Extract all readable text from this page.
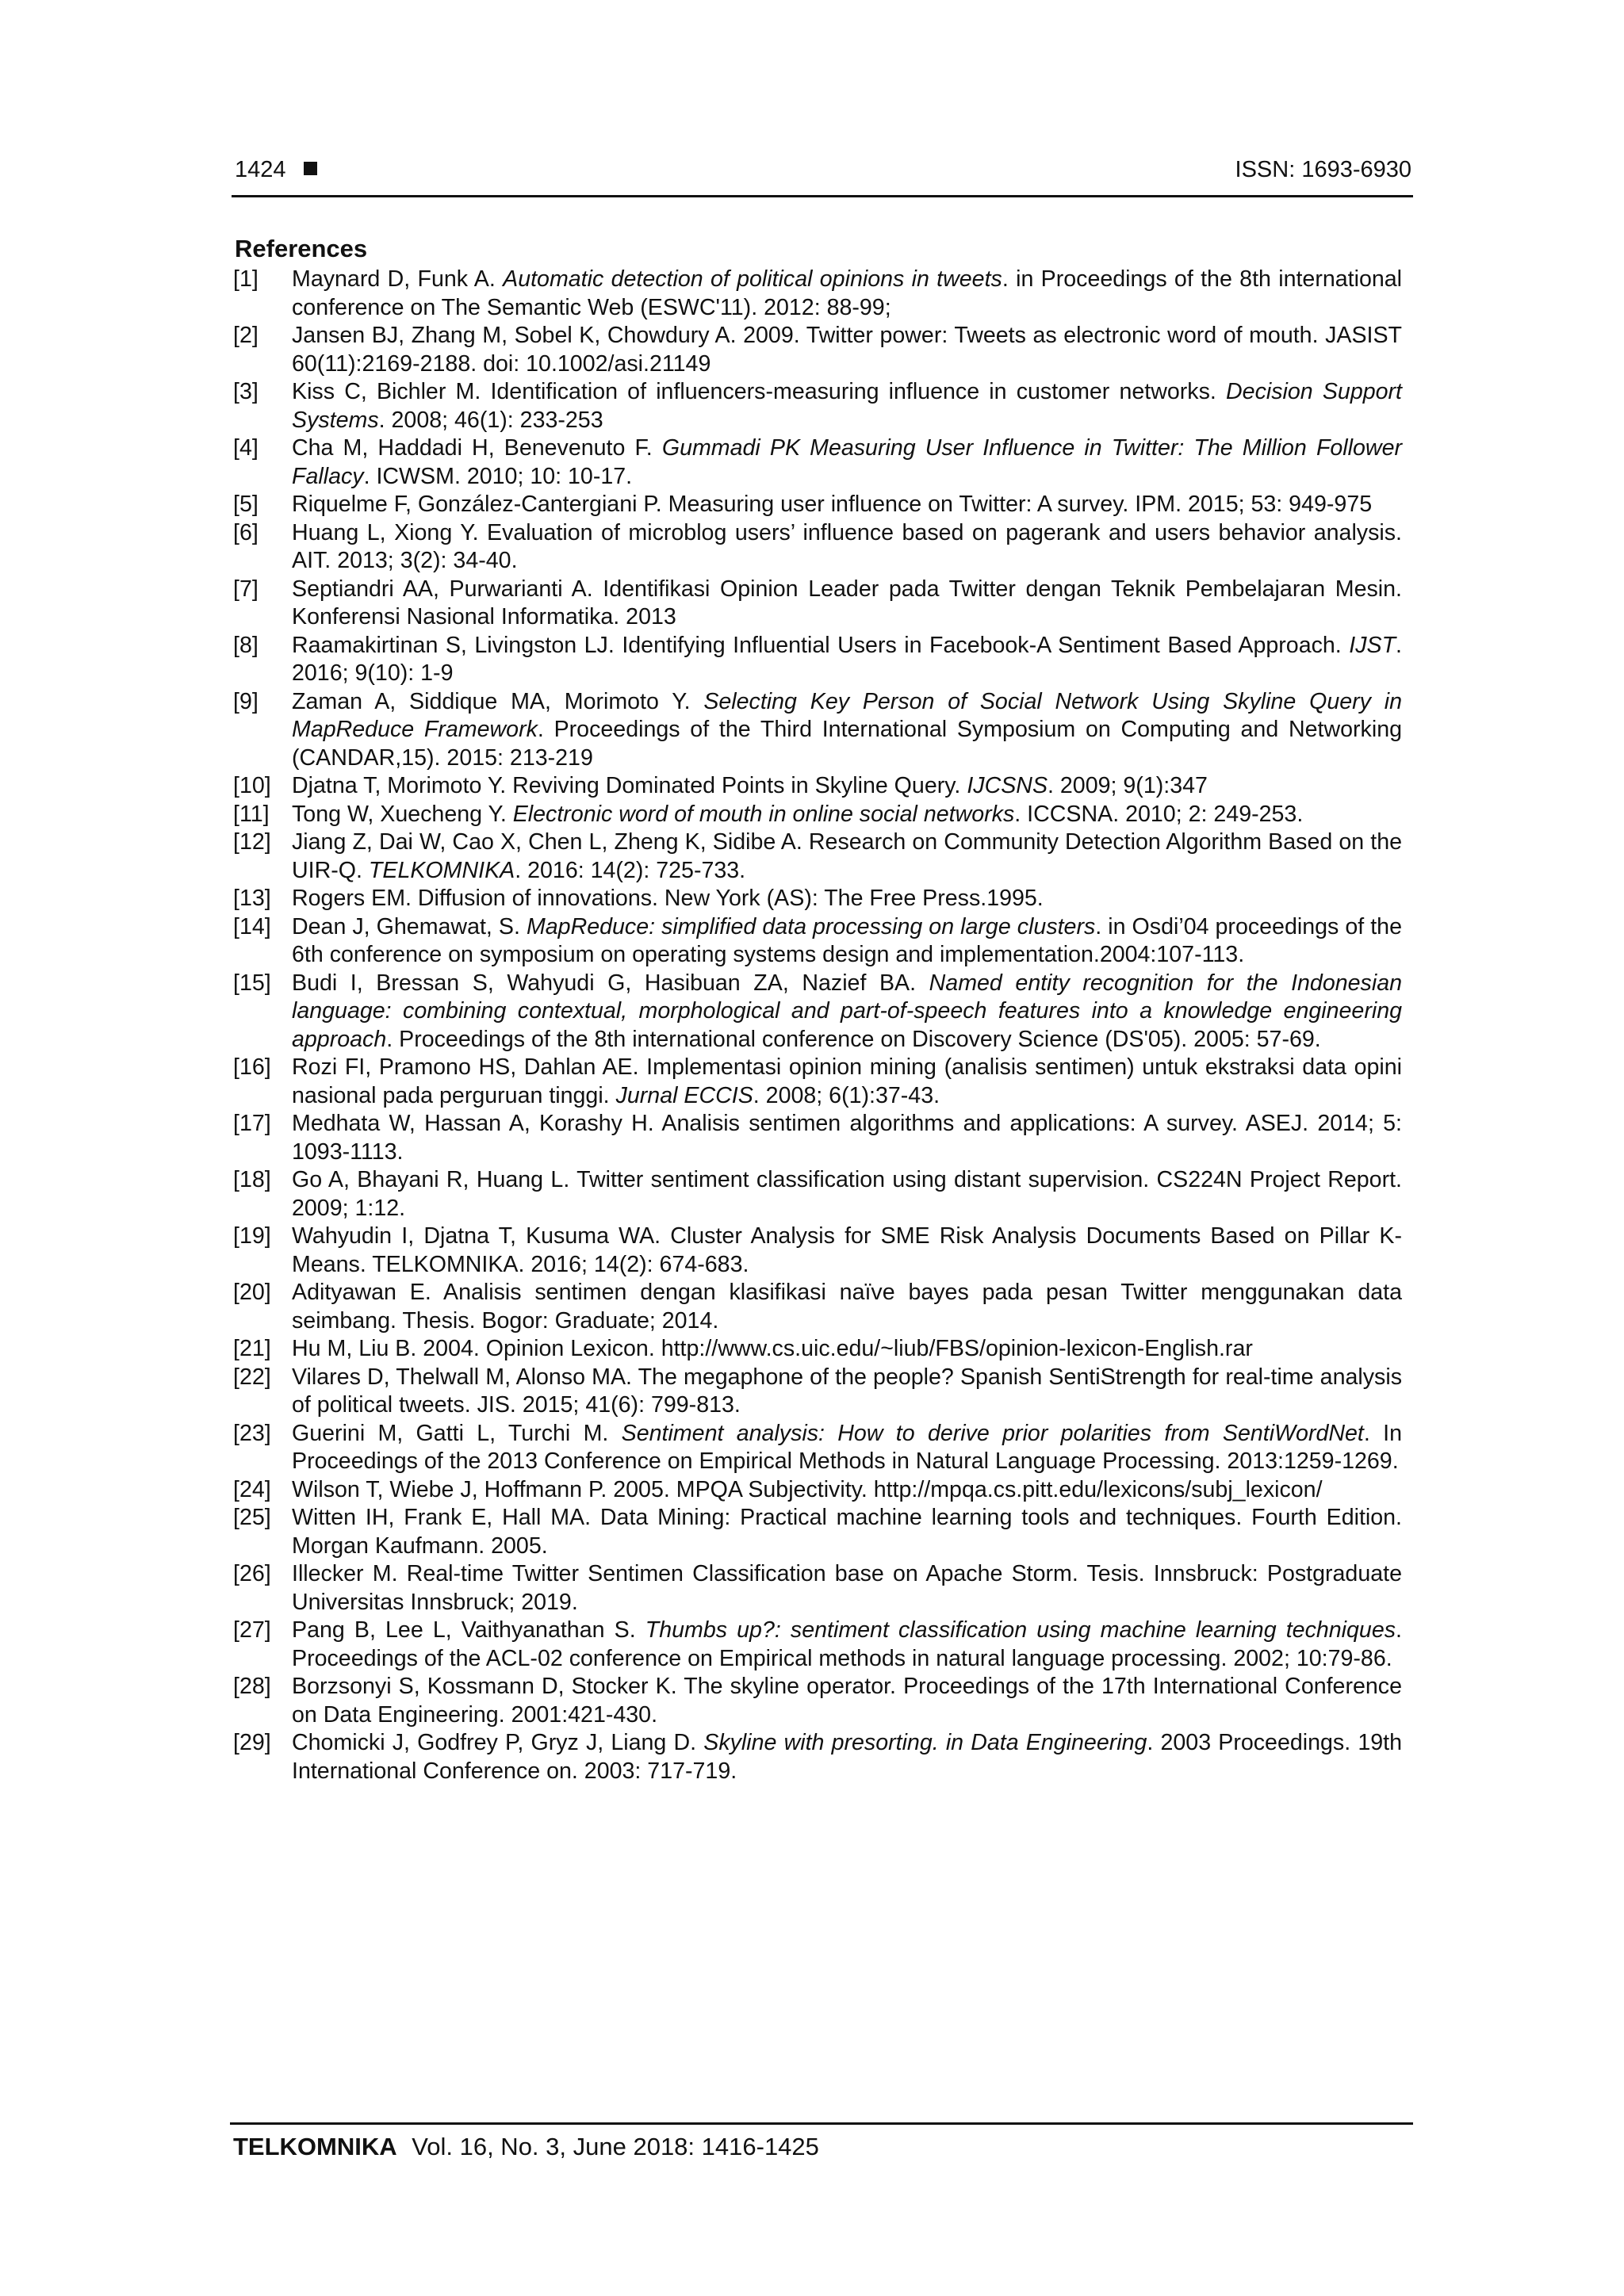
1424	ISSN: 1693-6930
References
[1]	Maynard D, Funk A. Automatic detection of political opinions in tweets. in Proceedings of the 8th international conference on The Semantic Web (ESWC'11). 2012: 88-99;
[2]	Jansen BJ, Zhang M, Sobel K, Chowdury A. 2009. Twitter power: Tweets as electronic word of mouth. JASIST 60(11):2169-2188. doi: 10.1002/asi.21149
[3]	Kiss C, Bichler M. Identification of influencers-measuring influence in customer networks. Decision Support Systems. 2008; 46(1): 233-253
[4]	Cha M, Haddadi H, Benevenuto F. Gummadi PK Measuring User Influence in Twitter: The Million Follower Fallacy. ICWSM. 2010; 10: 10-17.
[5]	Riquelme F, González-Cantergiani P. Measuring user influence on Twitter: A survey. IPM. 2015; 53: 949-975
[6]	Huang L, Xiong Y. Evaluation of microblog users’ influence based on pagerank and users behavior analysis. AIT. 2013; 3(2): 34-40.
[7]	Septiandri AA, Purwarianti A. Identifikasi Opinion Leader pada Twitter dengan Teknik Pembelajaran Mesin. Konferensi Nasional Informatika. 2013
[8]	Raamakirtinan S, Livingston LJ. Identifying Influential Users in Facebook-A Sentiment Based Approach. IJST. 2016; 9(10): 1-9
[9]	Zaman A, Siddique MA, Morimoto Y. Selecting Key Person of Social Network Using Skyline Query in MapReduce Framework. Proceedings of the Third International Symposium on Computing and Networking (CANDAR,15). 2015: 213-219
[10] Djatna T, Morimoto Y. Reviving Dominated Points in Skyline Query. IJCSNS. 2009; 9(1):347
[11] Tong W, Xuecheng Y. Electronic word of mouth in online social networks. ICCSNA. 2010; 2: 249-253.
[12] Jiang Z, Dai W, Cao X, Chen L, Zheng K, Sidibe A. Research on Community Detection Algorithm Based on the UIR-Q. TELKOMNIKA. 2016: 14(2): 725-733.
[13] Rogers EM. Diffusion of innovations. New York (AS): The Free Press.1995.
[14] Dean J, Ghemawat, S. MapReduce: simplified data processing on large clusters. in Osdi’04 proceedings of the 6th conference on symposium on operating systems design and implementation.2004:107-113.
[15] Budi I, Bressan S, Wahyudi G, Hasibuan ZA, Nazief BA. Named entity recognition for the Indonesian language: combining contextual, morphological and part-of-speech features into a knowledge engineering approach. Proceedings of the 8th international conference on Discovery Science (DS'05). 2005: 57-69.
[16] Rozi FI, Pramono HS, Dahlan AE. Implementasi opinion mining (analisis sentimen) untuk ekstraksi data opini nasional pada perguruan tinggi. Jurnal ECCIS. 2008; 6(1):37-43.
[17] Medhata W, Hassan A, Korashy H. Analisis sentimen algorithms and applications: A survey. ASEJ. 2014; 5: 1093-1113.
[18] Go A, Bhayani R, Huang L. Twitter sentiment classification using distant supervision. CS224N Project Report. 2009; 1:12.
[19] Wahyudin I, Djatna T, Kusuma WA. Cluster Analysis for SME Risk Analysis Documents Based on Pillar K-Means. TELKOMNIKA. 2016; 14(2): 674-683.
[20] Adityawan E. Analisis sentimen dengan klasifikasi naïve bayes pada pesan Twitter menggunakan data seimbang. Thesis. Bogor: Graduate; 2014.
[21] Hu M, Liu B. 2004. Opinion Lexicon. http://www.cs.uic.edu/~liub/FBS/opinion-lexicon-English.rar
[22] Vilares D, Thelwall M, Alonso MA. The megaphone of the people? Spanish SentiStrength for real-time analysis of political tweets. JIS. 2015; 41(6): 799-813.
[23] Guerini M, Gatti L, Turchi M. Sentiment analysis: How to derive prior polarities from SentiWordNet. In Proceedings of the 2013 Conference on Empirical Methods in Natural Language Processing. 2013:1259-1269.
[24] Wilson T, Wiebe J, Hoffmann P. 2005. MPQA Subjectivity. http://mpqa.cs.pitt.edu/lexicons/subj_lexicon/
[25] Witten IH, Frank E, Hall MA. Data Mining: Practical machine learning tools and techniques. Fourth Edition. Morgan Kaufmann. 2005.
[26] Illecker M. Real-time Twitter Sentimen Classification base on Apache Storm. Tesis. Innsbruck: Postgraduate Universitas Innsbruck; 2019.
[27] Pang B, Lee L, Vaithyanathan S. Thumbs up?: sentiment classification using machine learning techniques. Proceedings of the ACL-02 conference on Empirical methods in natural language processing. 2002; 10:79-86.
[28] Borzsonyi S, Kossmann D, Stocker K. The skyline operator. Proceedings of the 17th International Conference on Data Engineering. 2001:421-430.
[29] Chomicki J, Godfrey P, Gryz J, Liang D. Skyline with presorting. in Data Engineering. 2003 Proceedings. 19th International Conference on. 2003: 717-719.
TELKOMNIKA Vol. 16, No. 3, June 2018: 1416-1425
